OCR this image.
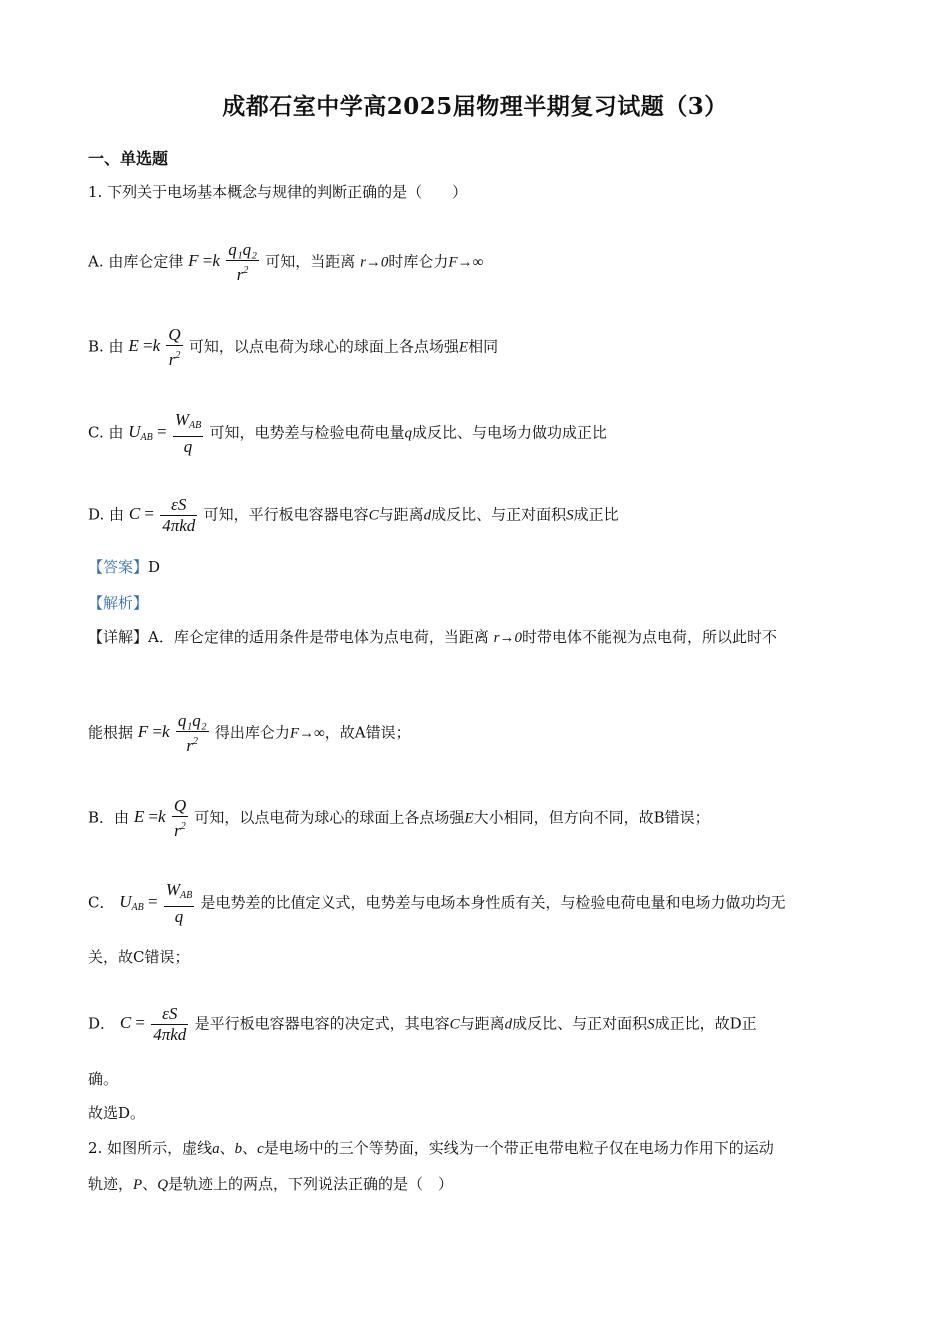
成都石室中学高2025届物理半期复习试题（3）
一、单选题
1. 下列关于电场基本概念与规律的判断正确的是（　　）
A. 由库仑定律 $F =k \frac{\text{q₁q₂}}{r^2}$ 可知，当距离 r→0时库仑力F→∞
B. 由 $E =k \frac{Q}{r^2}$ 可知，以点电荷为球心的球面上各点场强E相同
C. 由 $U_{AB} = \frac{W_{AB}}{q}$ 可知，电势差与检验电荷电量q成反比、与电场力做功成正比
D. 由 $C = \frac{\varepsilon S}{\text{4πkd}}$ 可知，平行板电容器电容C与距离d成反比、与正对面积S成正比
【答案】D
【解析】
【详解】A．库仑定律的适用条件是带电体为点电荷，当距离 r→0时带电体不能视为点电荷，所以此时不
能根据 $F =k \frac{\text{q₁q₂}}{r^2}$ 得出库仑力F→∞，故A错误；
B．由 $E =k \frac{Q}{r^2}$ 可知，以点电荷为球心的球面上各点场强E大小相同，但方向不同，故B错误；
C． $U_{AB} = \frac{W_{AB}}{q}$ 是电势差的比值定义式，电势差与电场本身性质有关，与检验电荷电量和电场力做功均无
关，故C错误；
D． $C = \frac{\varepsilon S}{\text{4πkd}}$ 是平行板电容器电容的决定式，其电容C与距离d成反比、与正对面积S成正比，故D正
确。
故选D。
2. 如图所示，虚线a、b、c是电场中的三个等势面，实线为一个带正电带电粒子仅在电场力作用下的运动
轨迹，P、Q是轨迹上的两点，下列说法正确的是（　）
